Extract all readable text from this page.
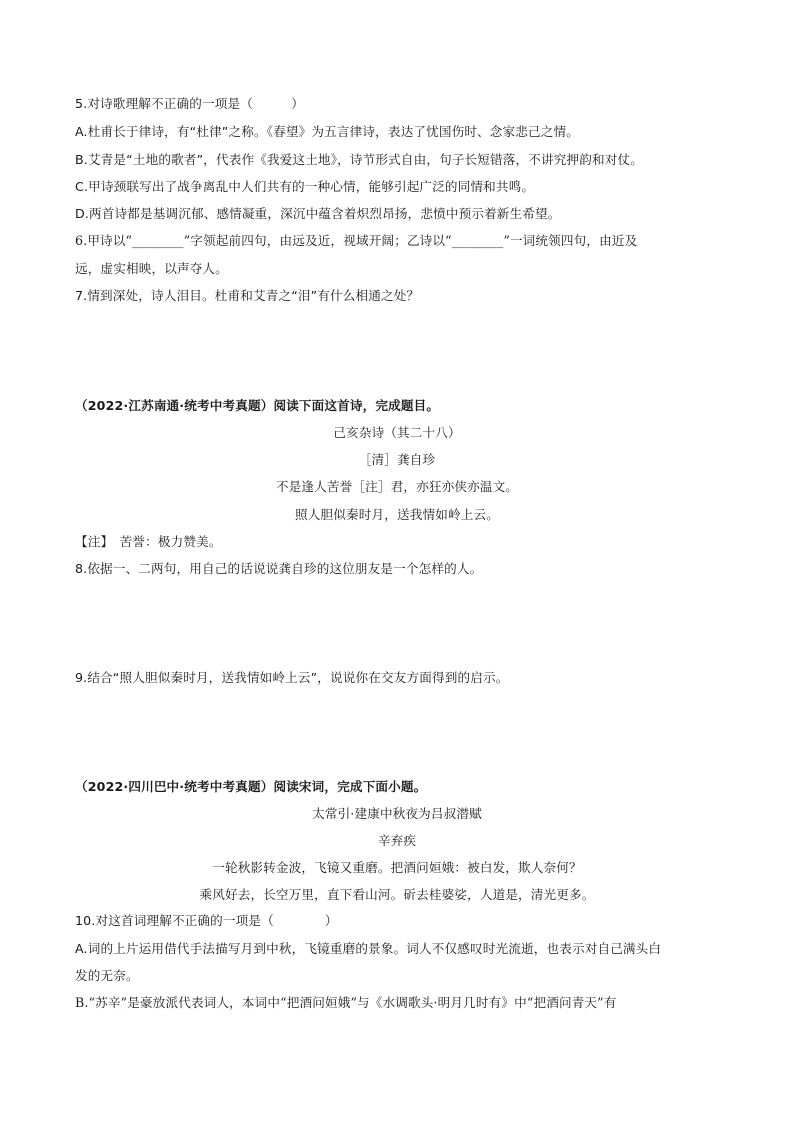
5.对诗歌理解不正确的一项是（　　　）

A.杜甫长于律诗，有“杜律”之称。《春望》为五言律诗，表达了忧国伤时、念家悲己之情。

B.艾青是“土地的歌者”，代表作《我爱这土地》，诗节形式自由，句子长短错落，不讲究押韵和对仗。

C.甲诗颈联写出了战争离乱中人们共有的一种心情，能够引起广泛的同情和共鸣。

D.两首诗都是基调沉郁、感情凝重，深沉中蕴含着炽烈昂扬，悲愤中预示着新生希望。

6.甲诗以“________”字领起前四句，由远及近，视域开阔；乙诗以“________”一词统领四句，由近及

远，虚实相映，以声夺人。

7.情到深处，诗人泪目。杜甫和艾青之“泪”有什么相通之处？

（2022·江苏南通·统考中考真题）阅读下面这首诗，完成题目。

己亥杂诗（其二十八）

［清］龚自珍

不是逢人苦誉［注］君，亦狂亦侠亦温文。

照人胆似秦时月，送我情如岭上云。

【注】　苦誉：极力赞美。

8.依据一、二两句，用自己的话说说龚自珍的这位朋友是一个怎样的人。

9.结合“照人胆似秦时月，送我情如岭上云”，说说你在交友方面得到的启示。

（2022·四川巴中·统考中考真题）阅读宋词，完成下面小题。

太常引·建康中秋夜为吕叔潜赋

辛弃疾

一轮秋影转金波，飞镜又重磨。把酒问姮娥：被白发，欺人奈何？

乘风好去，长空万里，直下看山河。斫去桂婆娑，人道是，清光更多。

10.对这首词理解不正确的一项是（　　　　）

A.词的上片运用借代手法描写月到中秋，飞镜重磨的景象。词人不仅感叹时光流逝，也表示对自己满头白

发的无奈。

B.“苏辛”是豪放派代表词人，本词中“把酒问姮娥”与《水调歌头·明月几时有》中“把酒问青天”有
